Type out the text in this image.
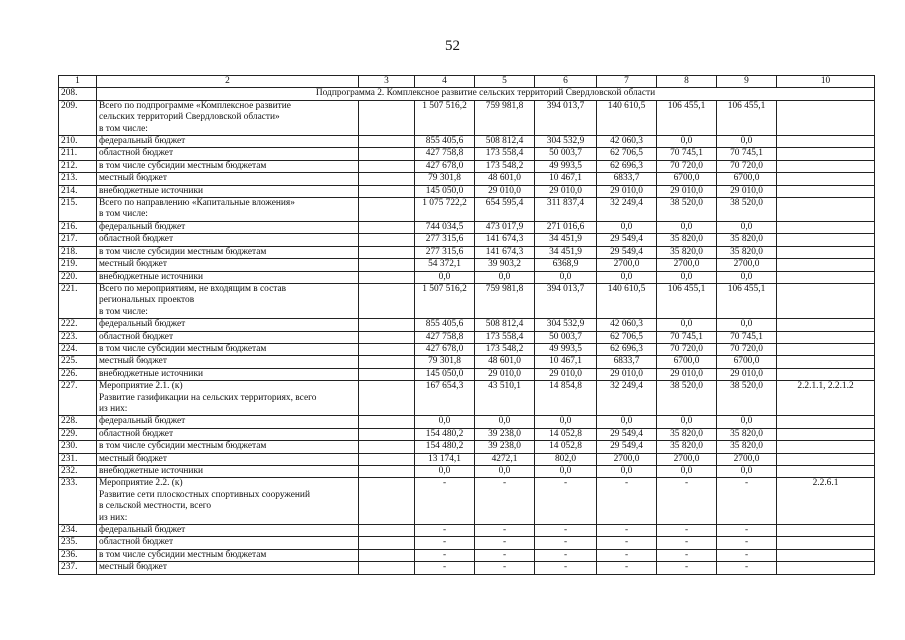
52
1	2	3	4	5	6	7	8	9	10
208.	Подпрограмма 2. Комплексное развитие сельских территорий Свердловской области								
209.	Всего по подпрограмме «Комплексное развитие
сельских территорий Свердловской области»
в том числе:		1 507 516,2	759 981,8	394 013,7	140 610,5	106 455,1	106 455,1	
210.	федеральный бюджет		855 405,6	508 812,4	304 532,9	42 060,3	0,0	0,0	
211.	областной бюджет		427 758,8	173 558,4	50 003,7	62 706,5	70 745,1	70 745,1	
212.	в том числе субсидии местным бюджетам		427 678,0	173 548,2	49 993,5	62 696,3	70 720,0	70 720,0	
213.	местный бюджет		79 301,8	48 601,0	10 467,1	6833,7	6700,0	6700,0	
214.	внебюджетные источники		145 050,0	29 010,0	29 010,0	29 010,0	29 010,0	29 010,0	
215.	Всего по направлению «Капитальные вложения»
в том числе:		1 075 722,2	654 595,4	311 837,4	32 249,4	38 520,0	38 520,0	
216.	федеральный бюджет		744 034,5	473 017,9	271 016,6	0,0	0,0	0,0	
217.	областной бюджет		277 315,6	141 674,3	34 451,9	29 549,4	35 820,0	35 820,0	
218.	в том числе субсидии местным бюджетам		277 315,6	141 674,3	34 451,9	29 549,4	35 820,0	35 820,0	
219.	местный бюджет		54 372,1	39 903,2	6368,9	2700,0	2700,0	2700,0	
220.	внебюджетные источники		0,0	0,0	0,0	0,0	0,0	0,0	
221.	Всего по мероприятиям, не входящим в состав
региональных проектов
в том числе:		1 507 516,2	759 981,8	394 013,7	140 610,5	106 455,1	106 455,1	
222.	федеральный бюджет		855 405,6	508 812,4	304 532,9	42 060,3	0,0	0,0	
223.	областной бюджет		427 758,8	173 558,4	50 003,7	62 706,5	70 745,1	70 745,1	
224.	в том числе субсидии местным бюджетам		427 678,0	173 548,2	49 993,5	62 696,3	70 720,0	70 720,0	
225.	местный бюджет		79 301,8	48 601,0	10 467,1	6833,7	6700,0	6700,0	
226.	внебюджетные источники		145 050,0	29 010,0	29 010,0	29 010,0	29 010,0	29 010,0	
227.	Мероприятие 2.1. (к)
Развитие газификации на сельских территориях, всего
из них:		167 654,3	43 510,1	14 854,8	32 249,4	38 520,0	38 520,0	2.2.1.1, 2.2.1.2
228.	федеральный бюджет		0,0	0,0	0,0	0,0	0,0	0,0	
229.	областной бюджет		154 480,2	39 238,0	14 052,8	29 549,4	35 820,0	35 820,0	
230.	в том числе субсидии местным бюджетам		154 480,2	39 238,0	14 052,8	29 549,4	35 820,0	35 820,0	
231.	местный бюджет		13 174,1	4272,1	802,0	2700,0	2700,0	2700,0	
232.	внебюджетные источники		0,0	0,0	0,0	0,0	0,0	0,0	
233.	Мероприятие 2.2. (к)
Развитие сети плоскостных спортивных сооружений
в сельской местности, всего
из них:		-	-	-	-	-	-	2.2.6.1
234.	федеральный бюджет		-	-	-	-	-	-	
235.	областной бюджет		-	-	-	-	-	-	
236.	в том числе субсидии местным бюджетам		-	-	-	-	-	-	
237.	местный бюджет		-	-	-	-	-	-	
